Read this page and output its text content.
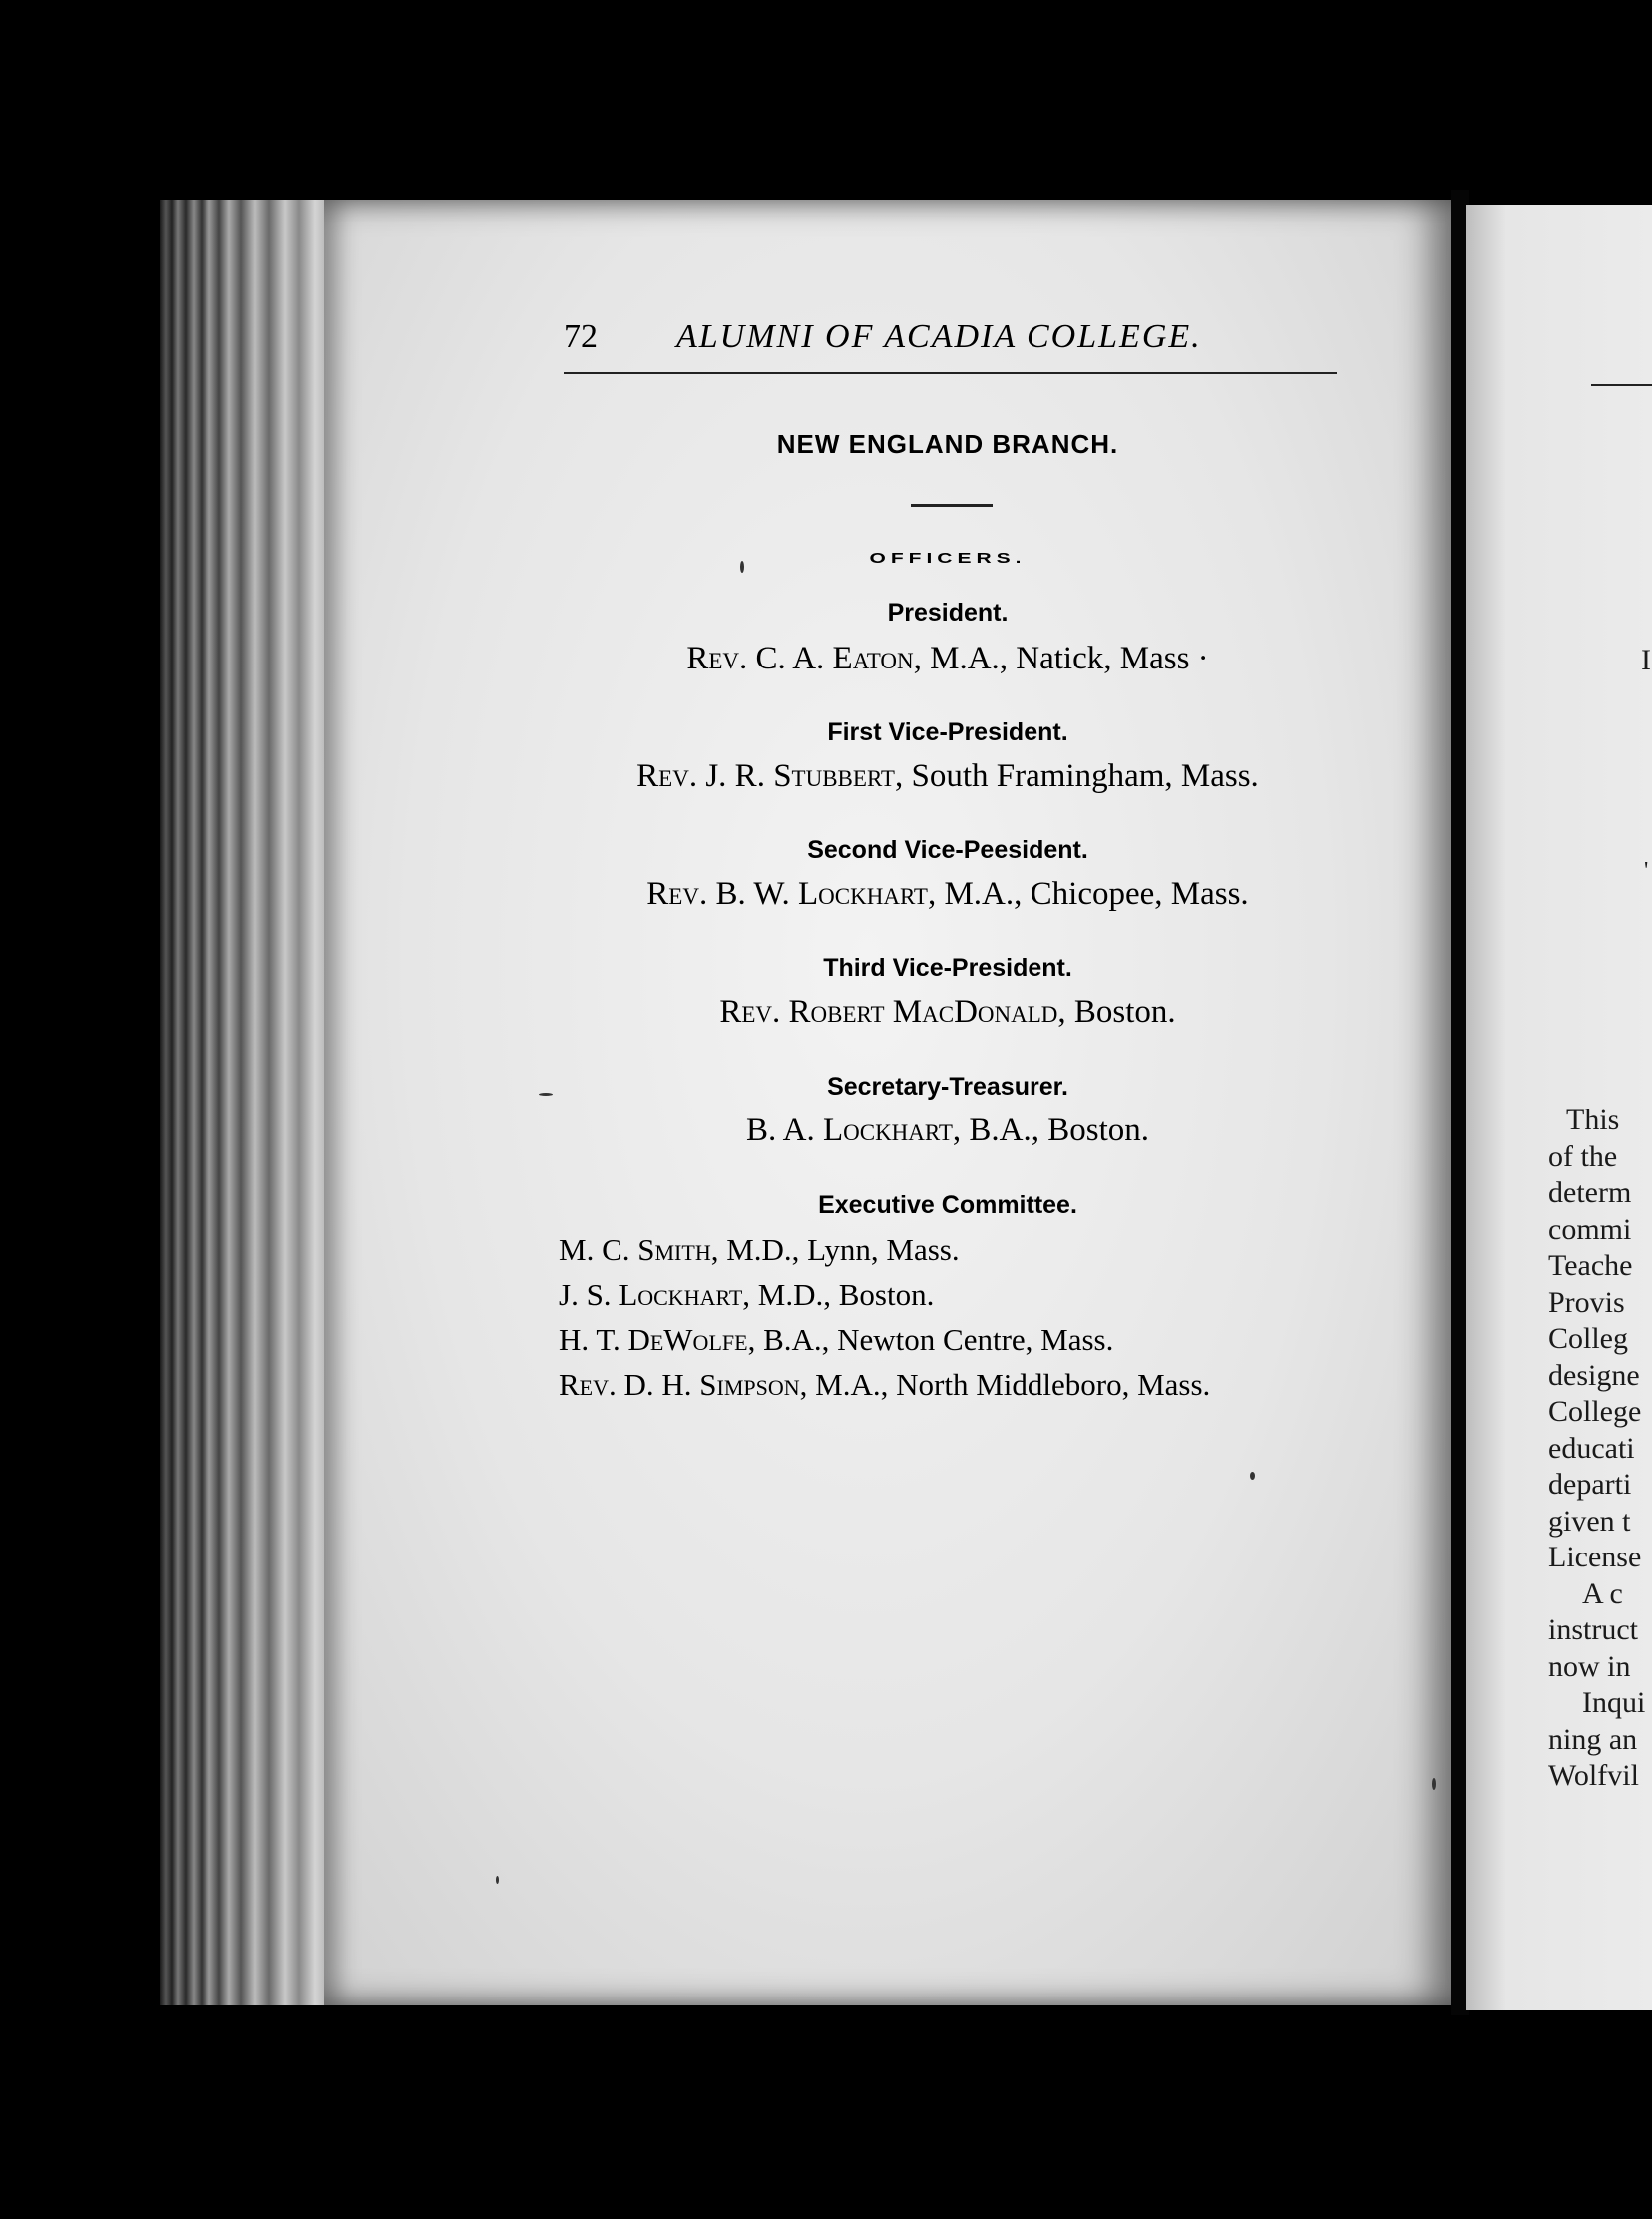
I
'
This
of the
determ
commi
Teache
Provis
Colleg
designe
College
educati
departi
given t
License
A c
instruct
now in
Inqui
ning an
Wolfvil
72 ALUMNI OF ACADIA COLLEGE.
NEW ENGLAND BRANCH.
OFFICERS.
President.
Rev. C. A. Eaton, M.A., Natick, Mass ·
First Vice-President.
Rev. J. R. Stubbert, South Framingham, Mass.
Second Vice-Peesident.
Rev. B. W. Lockhart, M.A., Chicopee, Mass.
Third Vice-President.
Rev. Robert MacDonald, Boston.
Secretary-Treasurer.
B. A. Lockhart, B.A., Boston.
Executive Committee.
M. C. Smith, M.D., Lynn, Mass.
J. S. Lockhart, M.D., Boston.
H. T. DeWolfe, B.A., Newton Centre, Mass.
Rev. D. H. Simpson, M.A., North Middleboro, Mass.
